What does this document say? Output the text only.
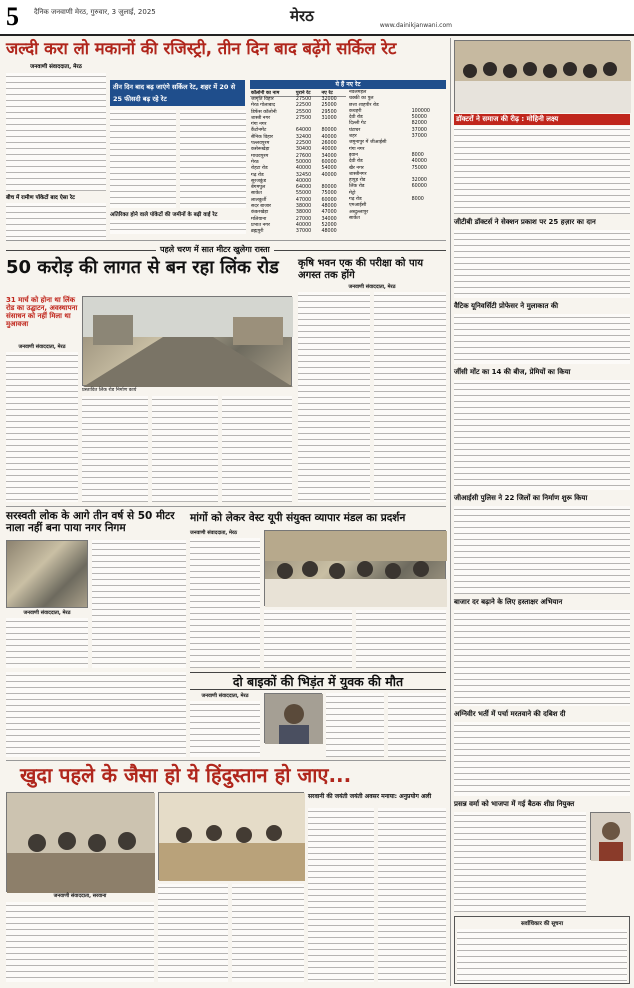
5 दैनिक जनवाणी मेरठ, गुरुवार, 3 जुलाई, 2025	मेरठ
www.dainikjanwani.com
जल्दी करा लो मकानों की रजिस्ट्री, तीन दिन बाद बढ़ेंगे सर्किल रेट
जनवाणी संवाददाता, मेरठ
बीच में रामीण पॉकेटों बाद ऐसा रेट
तीन दिन बाद बढ़ जाएंगे सर्किल रेट, शहर में 20 से
25 फीसदी बढ़ रहे रेट
अतिरिक्त होने वाले पॉकेटों की जमीनों के बढ़ी वाई रेट
ये हैं नए रेट
कॉलोनी का नाम	पुराने रेट	नए रेट
जागृति विहार	27500	32000
मेरठ गोलाबाद	22500	25000
डिफेंस कॉलोनी	25500	29500
शास्त्री नगर	27500	31000
गंगा नगर		
कैंटोनमेंट	64000	80000
सैनिक विहार	32400	40000
पल्लवपुरम	22500	26000
कसेरूखेड़ा	30400	40000
माधवपुरम	27600	34000
मेरठ	50000	60000
रोहटा रोड	40000	54000
गढ़ रोड	32450	40000
सूरजकुंड	40000	
बेगमपुल	64000	80000
साकेत	55000	75000
लालकुर्ती	47000	60000
सदर बाजार	38000	48000
कंकरखेड़ा	38000	47000
मलियाना	27000	34000
प्रभात नगर	40000	52000
ब्रह्मपुरी	37000	48000
नवलमहल		
चक्की का पुल		
छत्ता शाहपीर रोड		
कचहरी	100000	
देवी रोड	50000	
दिल्ली गेट	82000	
घंटाघर	37000	
शहर	37000	
जमुनापुर में जीआईसी		
गंगा नगर		
इवान	8000	
देवी रोड	40000	
खैर नगर	75000	
शास्त्रीनगर		
हापुड़ रोड	32000	
लिंक रोड	60000	
मेट्रो		
गढ़ रोड	8000	
एमआईसी		
अब्दुल्लापुर		
साकेत		
पहले चरण में सात मीटर खुलेगा रास्ता
50 करोड़ की लागत से बन रहा लिंक रोड
31 मार्च को होना था लिंक रोड का उद्घाटन, अवस्थापना संसाधन को नहीं मिला था मुआवजा
जनवाणी संवाददाता, मेरठ
प्रस्तावित लिंक रोड निर्माण कार्य
कृषि भवन एक की परीक्षा को पाय अगस्त तक होंगे
जनवाणी संवाददाता, मेरठ
सरस्वती लोक के आगे तीन वर्ष से 50 मीटर नाला नहीं बना पाया नगर निगम
जनवाणी संवाददाता, मेरठ
मांगों को लेकर वेस्ट यूपी संयुक्त व्यापार मंडल का प्रदर्शन
जनवाणी संवाददाता, मेरठ
दो बाइकों की भिड़ंत में युवक की मौत
जनवाणी संवाददाता, मेरठ
खुदा पहले के जैसा हो ये हिंदुस्तान हो जाए...
जनवाणी संवाददाता, सरवाना
सरवानी की जयंती जयंती अवसर मनाया: अनुप्रयोग अली
डॉक्टरों ने समाज की रीढ़ : मोहिनी लक्ष्य
जीटीबी डॉक्टर्स ने सेक्शन प्रकाश पर 25 हज़ार का दान
वैटिक यूनिवर्सिटी प्रोफेसर ने मुलाकात की
जींसी मोंट का 14 की बीज, प्रेमियों का किया
जीआईसी पुलिस ने 22 जिलों का निर्माण शुरू किया
बाजार दर बढ़ाने के लिए हस्ताक्षर अभियान
अग्निवीर भर्ती में पर्चा मरतवाने की दबिश दी
प्रसन्न वर्मा को भाजपा में गई बैठक शीघ्र नियुक्त
सर्वाधिकार की सूचना
